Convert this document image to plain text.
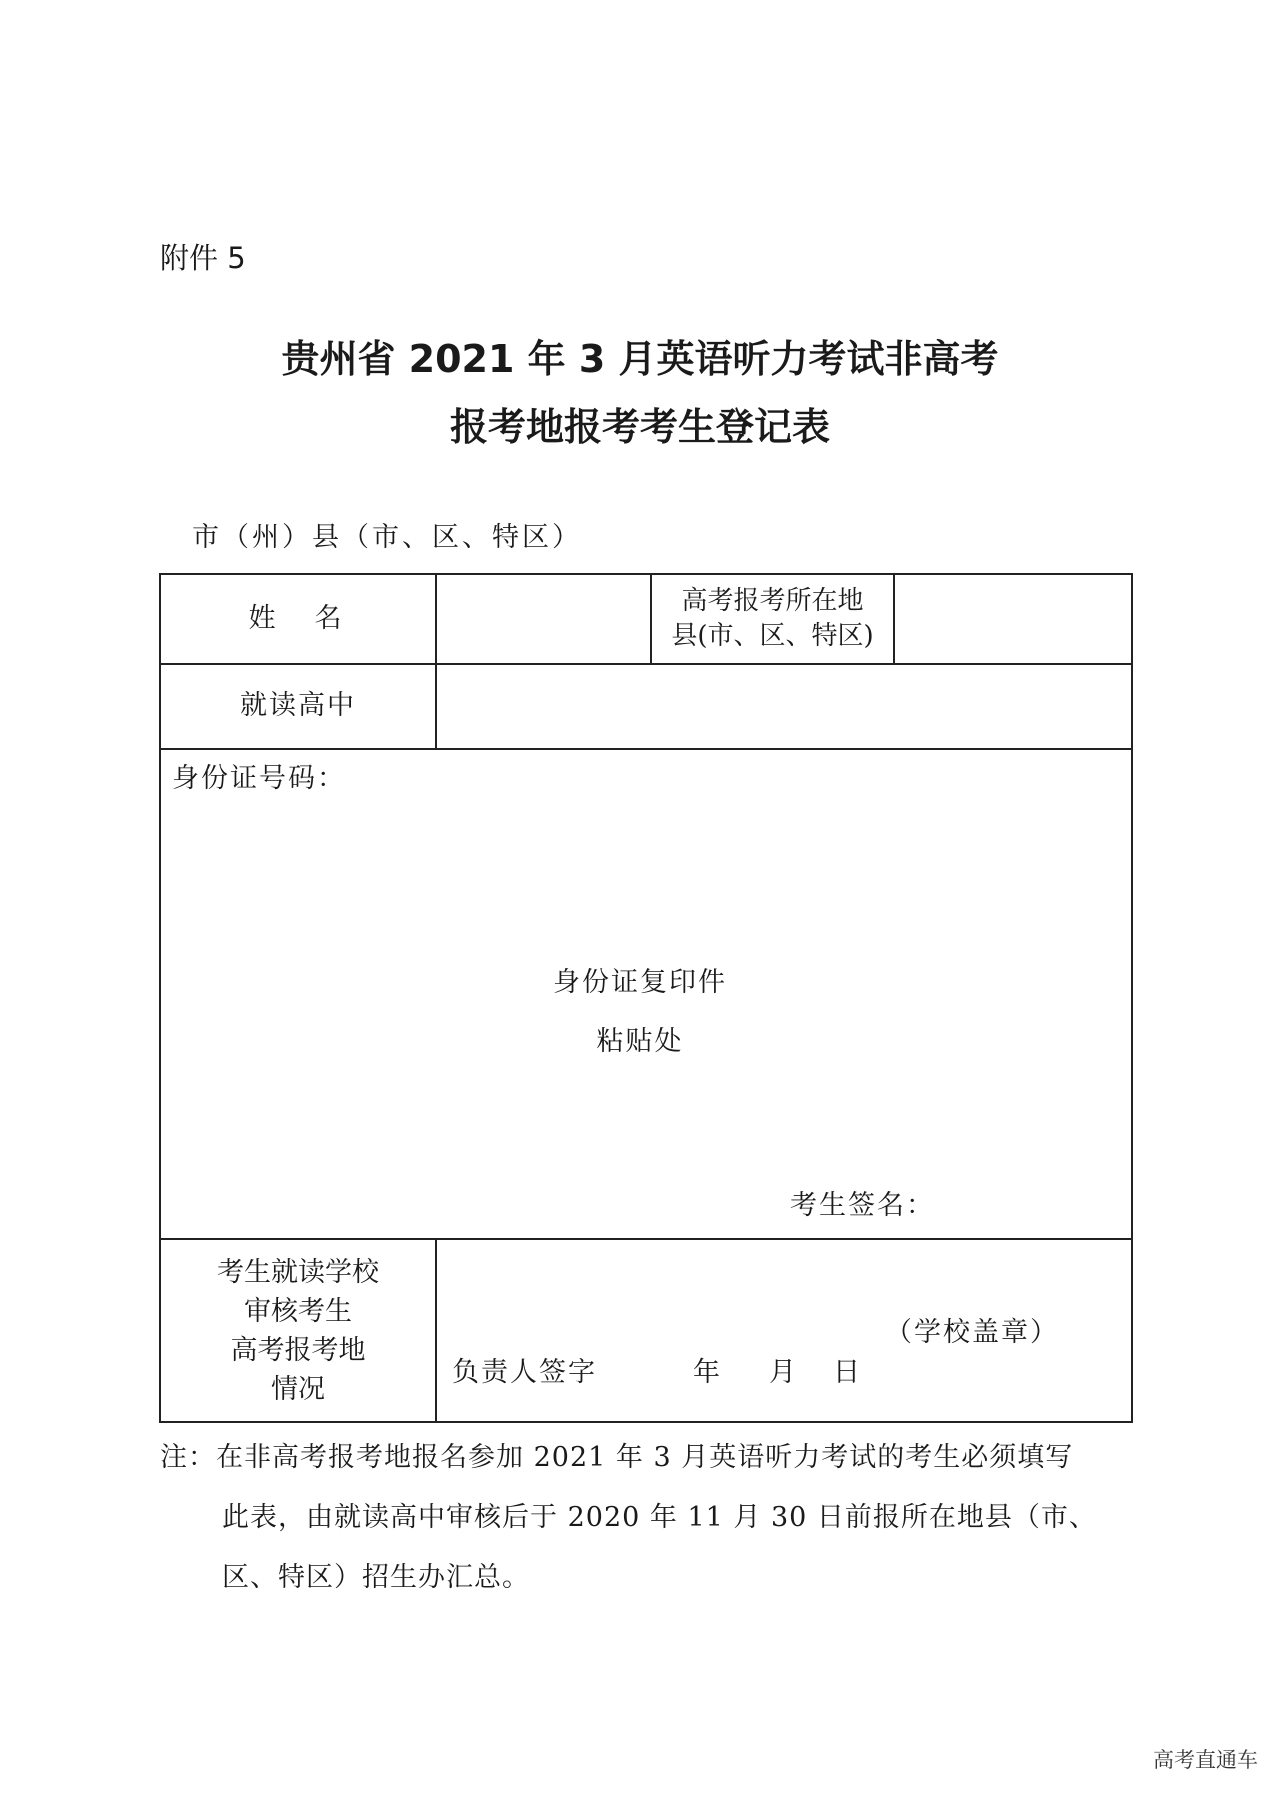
附件 5
贵州省 2021 年 3 月英语听力考试非高考
报考地报考考生登记表
市（州）县（市、区、特区）
姓　名
高考报考所在地
县(市、区、特区)
就读高中
身份证号码：
身份证复印件
粘贴处
考生签名：
考生就读学校
审核考生
高考报考地
情况
（学校盖章）
负责人签字	年 月 日
注：在非高考报考地报名参加 2021 年 3 月英语听力考试的考生必须填写
此表，由就读高中审核后于 2020 年 11 月 30 日前报所在地县（市、
区、特区）招生办汇总。
高考直通车
